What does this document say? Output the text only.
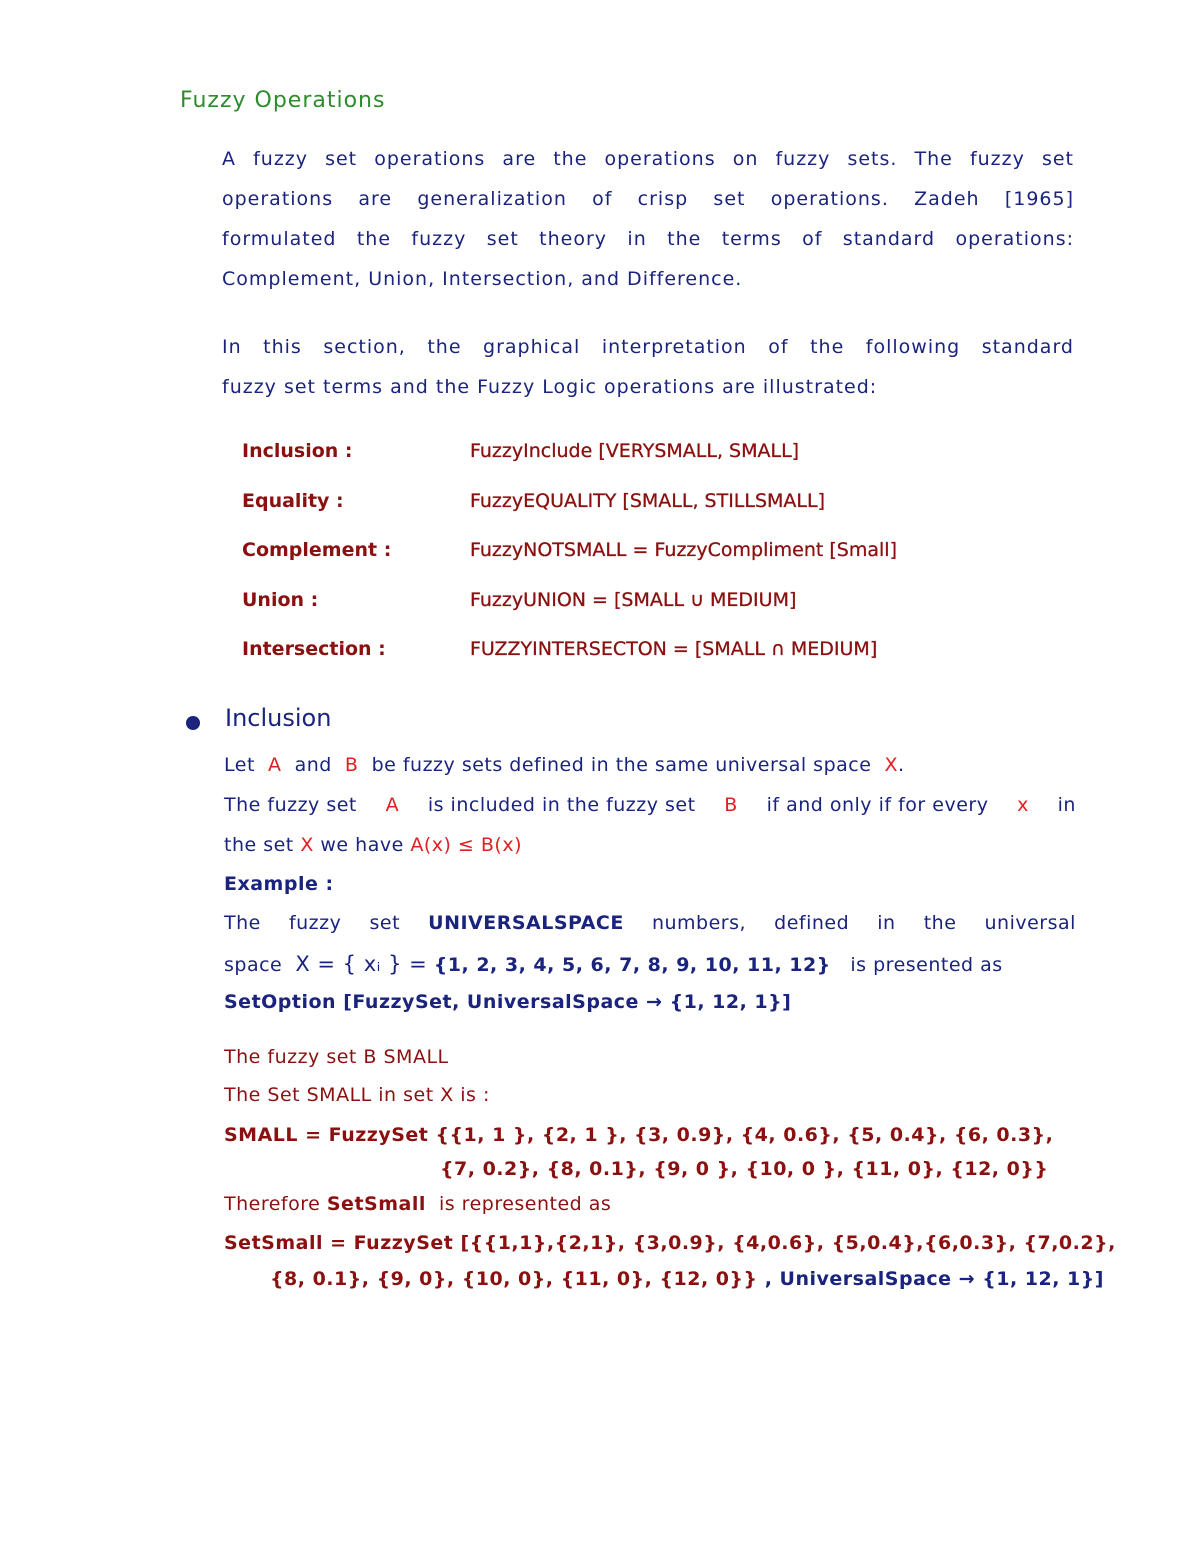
Fuzzy Operations
A fuzzy set operations are the operations on fuzzy sets. The fuzzy set
operations are generalization of crisp set operations. Zadeh [1965]
formulated the fuzzy set theory in the terms of standard operations:
Complement, Union, Intersection, and Difference.
In this section, the graphical interpretation of the following standard
fuzzy set terms and the Fuzzy Logic operations are illustrated:
Inclusion :	FuzzyInclude [VERYSMALL, SMALL]
Equality :	FuzzyEQUALITY [SMALL, STILLSMALL]
Complement :	FuzzyNOTSMALL = FuzzyCompliment [Small]
Union :	FuzzyUNION = [SMALL ∪ MEDIUM]
Intersection :	FUZZYINTERSECTON = [SMALL ∩ MEDIUM]
Inclusion
Let A and B be fuzzy sets defined in the same universal space X.
The fuzzy set A is included in the fuzzy set B if and only if for every x in
the set X we have A(x) ≤ B(x)
Example :
The fuzzy set UNIVERSALSPACE numbers, defined in the universal
space X = { xᵢ } = {1, 2, 3, 4, 5, 6, 7, 8, 9, 10, 11, 12} is presented as
SetOption [FuzzySet, UniversalSpace → {1, 12, 1}]
The fuzzy set B SMALL
The Set SMALL in set X is :
SMALL = FuzzySet {{1, 1 }, {2, 1 }, {3, 0.9}, {4, 0.6}, {5, 0.4}, {6, 0.3},
{7, 0.2}, {8, 0.1}, {9, 0 }, {10, 0 }, {11, 0}, {12, 0}}
Therefore SetSmall is represented as
SetSmall = FuzzySet [{{1,1},{2,1}, {3,0.9}, {4,0.6}, {5,0.4},{6,0.3}, {7,0.2},
{8, 0.1}, {9, 0}, {10, 0}, {11, 0}, {12, 0}} , UniversalSpace → {1, 12, 1}]
